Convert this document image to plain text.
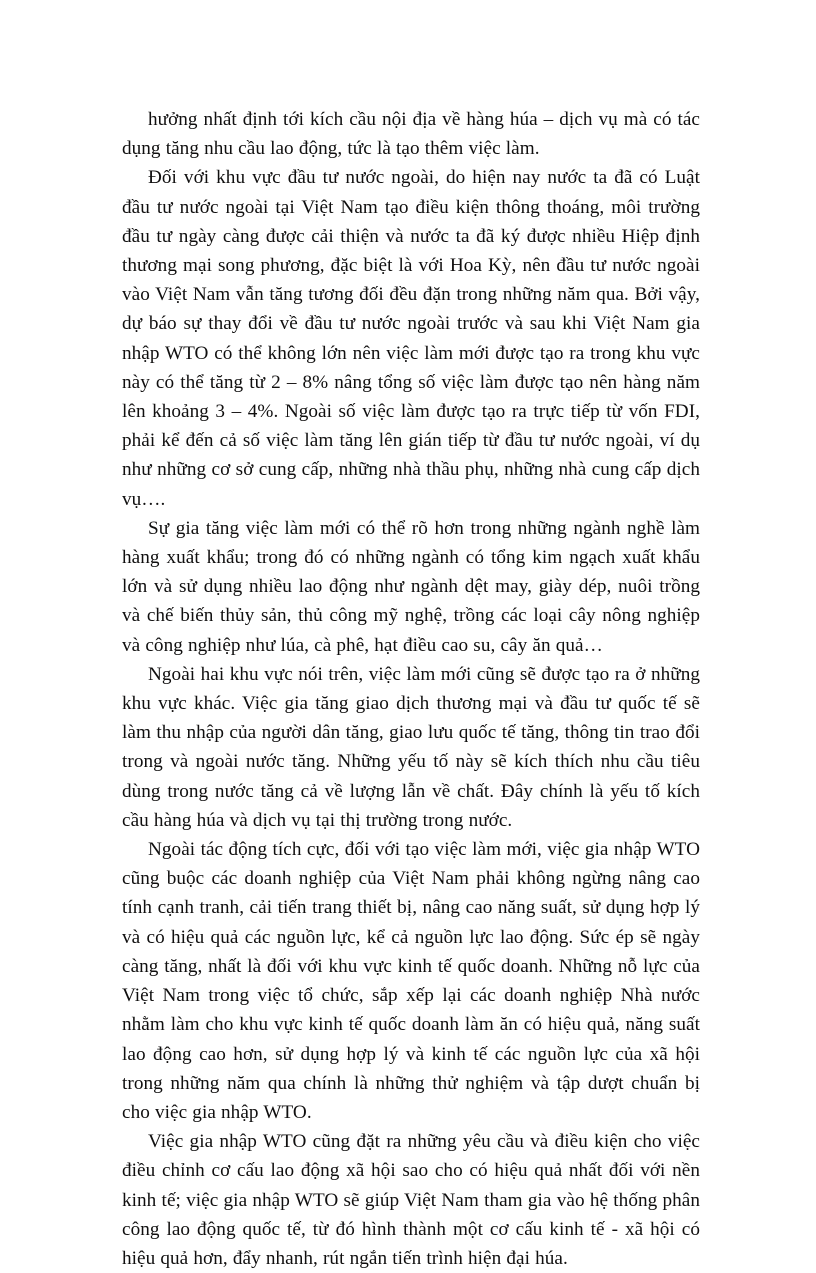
hưởng nhất định tới kích cầu nội địa về hàng húa – dịch vụ mà có tác dụng tăng nhu cầu lao động, tức là tạo thêm việc làm.

Đối với khu vực đầu tư nước ngoài, do hiện nay nước ta đã có Luật đầu tư nước ngoài tại Việt Nam tạo điều kiện thông thoáng, môi trường đầu tư ngày càng được cải thiện và nước ta đã ký được nhiều Hiệp định thương mại song phương, đặc biệt là với Hoa Kỳ, nên đầu tư nước ngoài vào Việt Nam vẫn tăng tương đối đều đặn trong những năm qua. Bởi vậy, dự báo sự thay đổi về đầu tư nước ngoài trước và sau khi Việt Nam gia nhập WTO có thể không lớn nên việc làm mới được tạo ra trong khu vực này có thể tăng từ 2 – 8% nâng tổng số việc làm được tạo nên hàng năm lên khoảng 3 – 4%. Ngoài số việc làm được tạo ra trực tiếp từ vốn FDI, phải kể đến cả số việc làm tăng lên gián tiếp từ đầu tư nước ngoài, ví dụ như những cơ sở cung cấp, những nhà thầu phụ, những nhà cung cấp dịch vụ….

Sự gia tăng việc làm mới có thể rõ hơn trong những ngành nghề làm hàng xuất khẩu; trong đó có những ngành có tổng kim ngạch xuất khẩu lớn và sử dụng nhiều lao động như ngành dệt may, giày dép, nuôi trồng và chế biến thủy sản, thủ công mỹ nghệ, trồng các loại cây nông nghiệp và công nghiệp như lúa, cà phê, hạt điều cao su, cây ăn quả…

Ngoài hai khu vực nói trên, việc làm mới cũng sẽ được tạo ra ở những khu vực khác. Việc gia tăng giao dịch thương mại và đầu tư quốc tế sẽ làm thu nhập của người dân tăng, giao lưu quốc tế tăng, thông tin trao đổi trong và ngoài nước tăng. Những yếu tố này sẽ kích thích nhu cầu tiêu dùng trong nước tăng cả về lượng lẫn về chất. Đây chính là yếu tố kích cầu hàng húa và dịch vụ tại thị trường trong nước.

Ngoài tác động tích cực, đối với tạo việc làm mới, việc gia nhập WTO cũng buộc các doanh nghiệp của Việt Nam phải không ngừng nâng cao tính cạnh tranh, cải tiến trang thiết bị, nâng cao năng suất, sử dụng hợp lý và có hiệu quả các nguồn lực, kể cả nguồn lực lao động. Sức ép sẽ ngày càng tăng, nhất là đối với khu vực kinh tế quốc doanh. Những nỗ lực của Việt Nam trong việc tổ chức, sắp xếp lại các doanh nghiệp Nhà nước nhằm làm cho khu vực kinh tế quốc doanh làm ăn có hiệu quả, năng suất lao động cao hơn, sử dụng hợp lý và kinh tế các nguồn lực của xã hội trong những năm qua chính là những thử nghiệm và tập dượt chuẩn bị cho việc gia nhập WTO.

Việc gia nhập WTO cũng đặt ra những yêu cầu và điều kiện cho việc điều chỉnh cơ cấu lao động xã hội sao cho có hiệu quả nhất đối với nền kinh tế; việc gia nhập WTO sẽ giúp Việt Nam tham gia vào hệ thống phân công lao động quốc tế, từ đó hình thành một cơ cấu kinh tế - xã hội có hiệu quả hơn, đẩy nhanh, rút ngắn tiến trình hiện đại húa.
